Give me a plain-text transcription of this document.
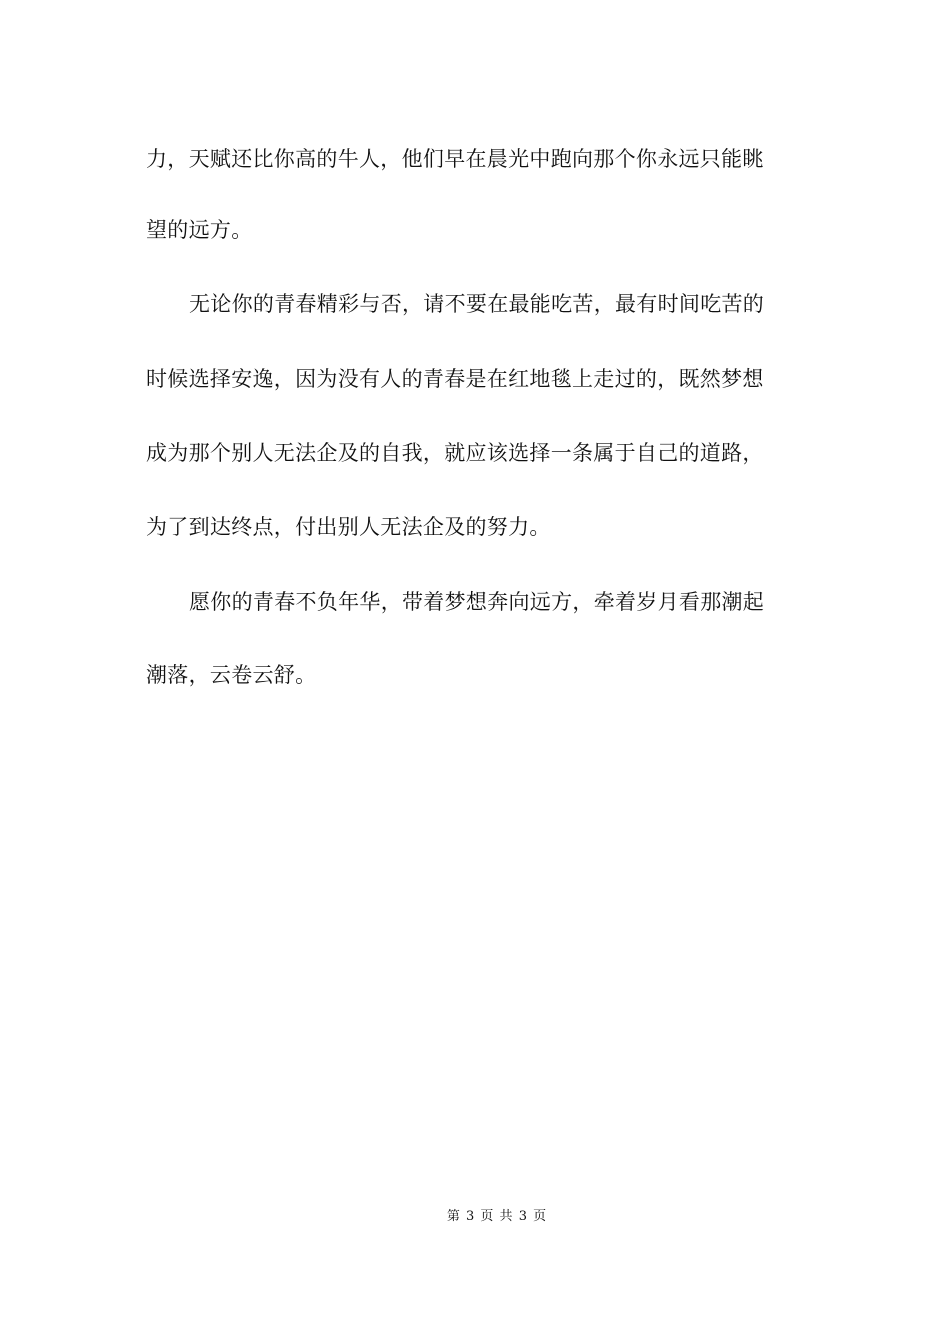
力，天赋还比你高的牛人，他们早在晨光中跑向那个你永远只能眺
望的远方。
无论你的青春精彩与否，请不要在最能吃苦，最有时间吃苦的
时候选择安逸，因为没有人的青春是在红地毯上走过的，既然梦想
成为那个别人无法企及的自我，就应该选择一条属于自己的道路，
为了到达终点，付出别人无法企及的努力。
愿你的青春不负年华，带着梦想奔向远方，牵着岁月看那潮起
潮落，云卷云舒。
第 3 页 共 3 页
